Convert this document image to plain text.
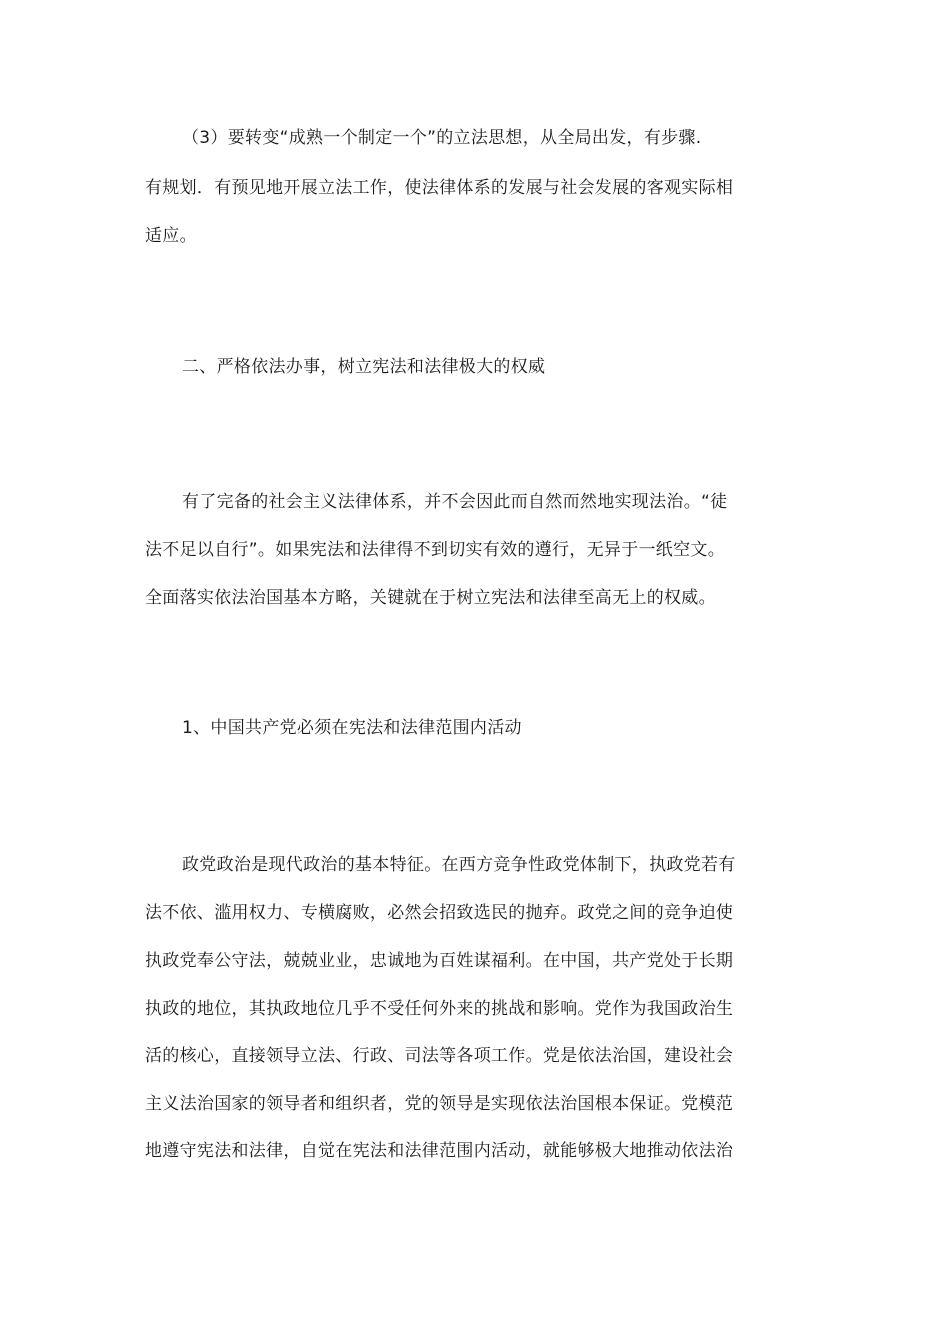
（3）要转变“成熟一个制定一个”的立法思想，从全局出发，有步骤.
有规划．有预见地开展立法工作，使法律体系的发展与社会发展的客观实际相
适应。
二、严格依法办事，树立宪法和法律极大的权威
有了完备的社会主义法律体系，并不会因此而自然而然地实现法治。“徒
法不足以自行”。如果宪法和法律得不到切实有效的遵行，无异于一纸空文。
全面落实依法治国基本方略，关键就在于树立宪法和法律至高无上的权威。
1、中国共产党必须在宪法和法律范围内活动
政党政治是现代政治的基本特征。在西方竞争性政党体制下，执政党若有
法不依、滥用权力、专横腐败，必然会招致选民的抛弃。政党之间的竞争迫使
执政党奉公守法，兢兢业业，忠诚地为百姓谋福利。在中国，共产党处于长期
执政的地位，其执政地位几乎不受任何外来的挑战和影响。党作为我国政治生
活的核心，直接领导立法、行政、司法等各项工作。党是依法治国，建设社会
主义法治国家的领导者和组织者，党的领导是实现依法治国根本保证。党模范
地遵守宪法和法律，自觉在宪法和法律范围内活动，就能够极大地推动依法治
